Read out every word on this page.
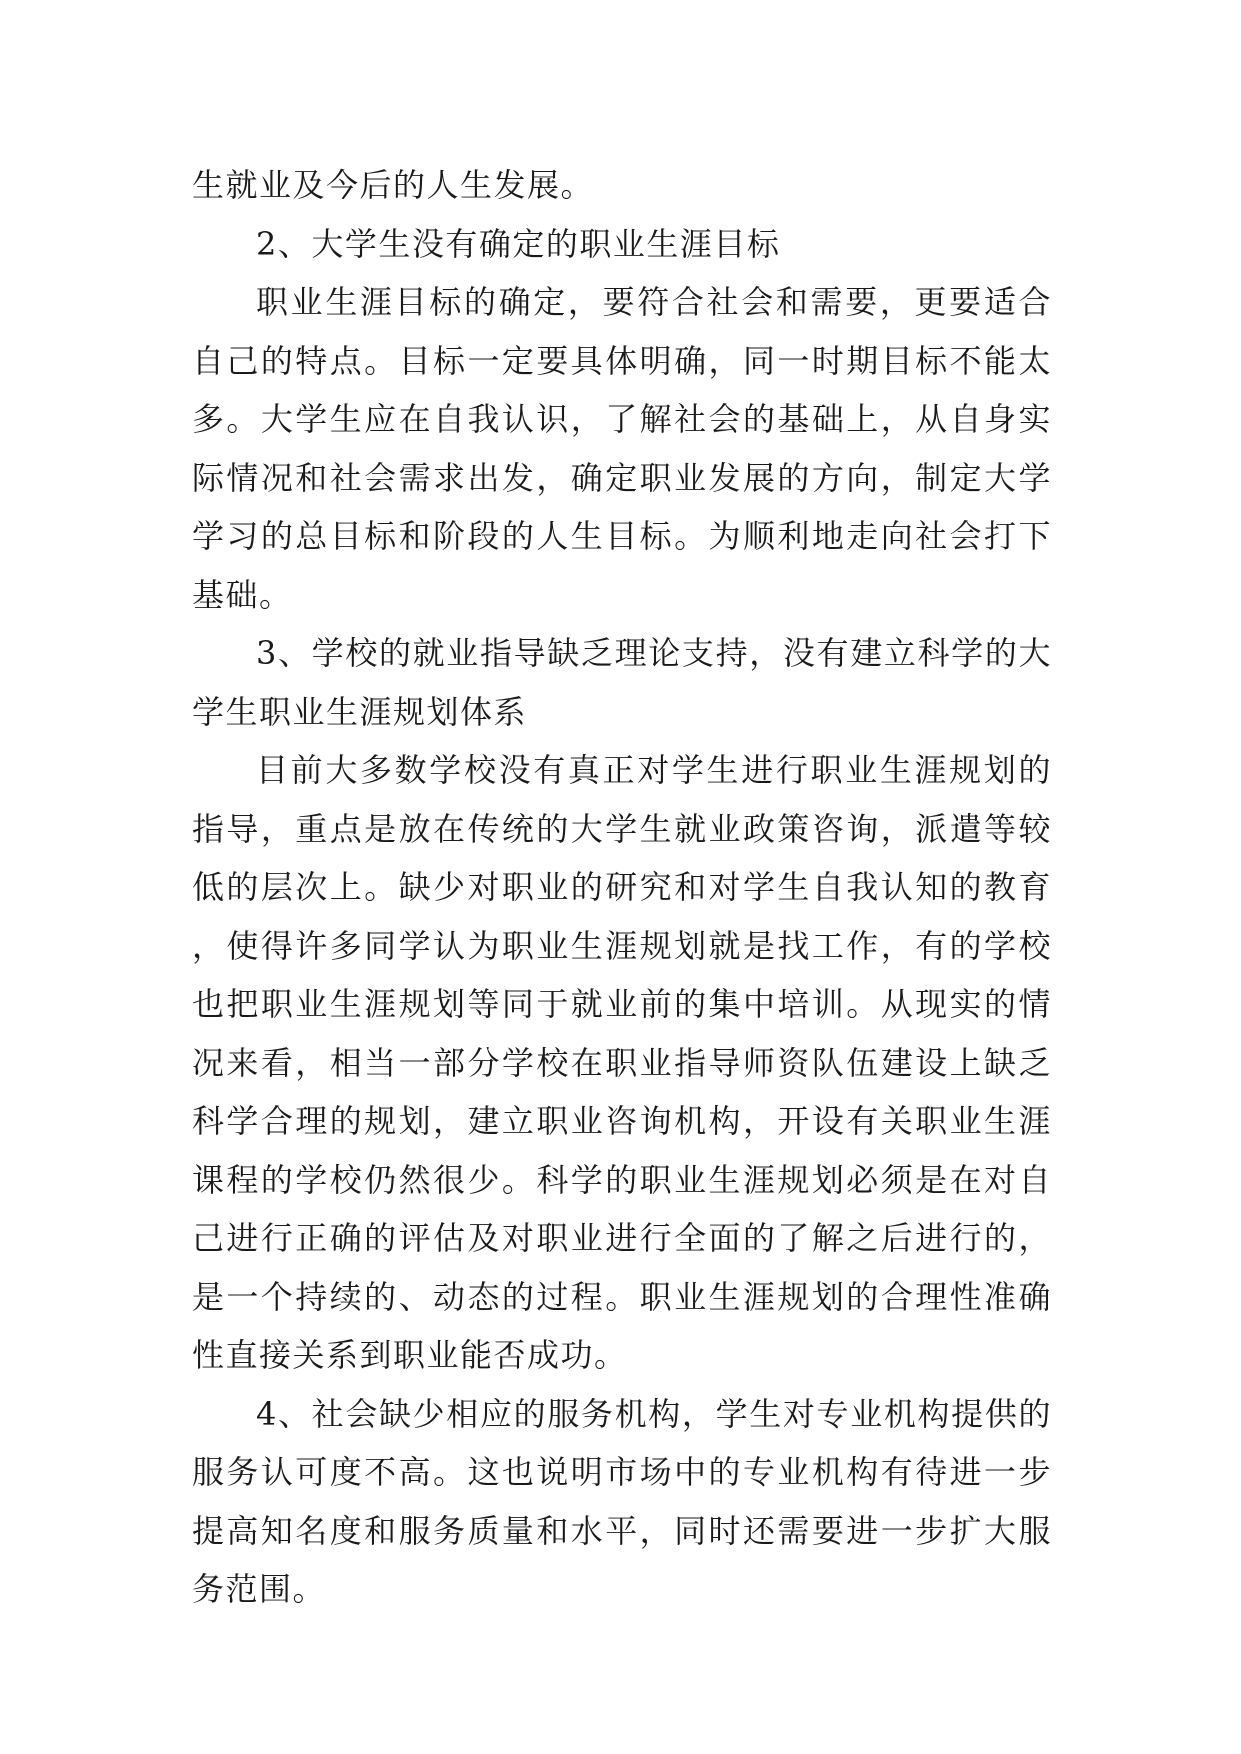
生就业及今后的人生发展。

2、大学生没有确定的职业生涯目标

职业生涯目标的确定，要符合社会和需要，更要适合自己的特点。目标一定要具体明确，同一时期目标不能太多。大学生应在自我认识，了解社会的基础上，从自身实际情况和社会需求出发，确定职业发展的方向，制定大学学习的总目标和阶段的人生目标。为顺利地走向社会打下基础。

3、学校的就业指导缺乏理论支持，没有建立科学的大学生职业生涯规划体系

目前大多数学校没有真正对学生进行职业生涯规划的指导，重点是放在传统的大学生就业政策咨询，派遣等较低的层次上。缺少对职业的研究和对学生自我认知的教育，使得许多同学认为职业生涯规划就是找工作，有的学校也把职业生涯规划等同于就业前的集中培训。从现实的情况来看，相当一部分学校在职业指导师资队伍建设上缺乏科学合理的规划，建立职业咨询机构，开设有关职业生涯课程的学校仍然很少。科学的职业生涯规划必须是在对自己进行正确的评估及对职业进行全面的了解之后进行的，是一个持续的、动态的过程。职业生涯规划的合理性准确性直接关系到职业能否成功。

4、社会缺少相应的服务机构，学生对专业机构提供的服务认可度不高。这也说明市场中的专业机构有待进一步提高知名度和服务质量和水平，同时还需要进一步扩大服务范围。
